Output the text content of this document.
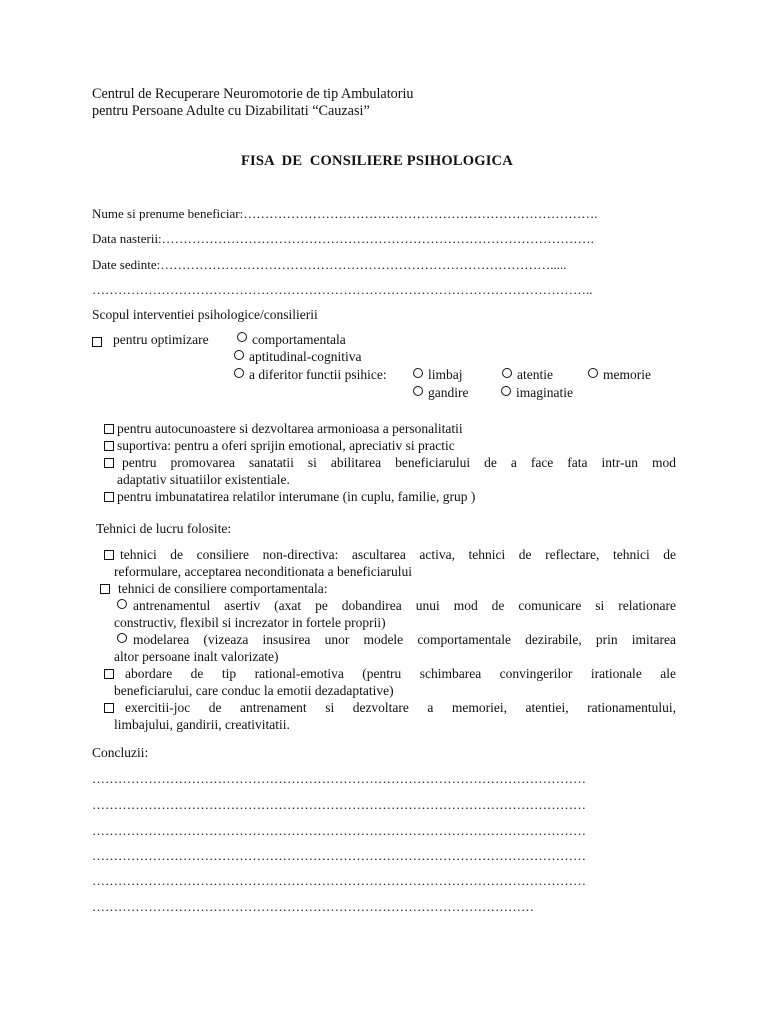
Centrul de Recuperare Neuromotorie de tip Ambulatoriu
pentru Persoane Adulte cu Dizabilitati “Cauzasi”
FISA  DE  CONSILIERE PSIHOLOGICA
Nume si prenume beneficiar:……………………………………………………………………….
Data nasterii:……………………………………………………………………………………….
Date sedinte:……………………………………………………………………………….....
……………………………………………………………………………………………………..
Scopul interventiei psihologice/consilierii
pentru optimizare	comportamentala
aptitudinal-cognitiva
a diferitor functii psihice:	limbaj	atentie	memorie
gandire	imaginatie
pentru autocunoastere si dezvoltarea armonioasa a personalitatii
suportiva: pentru a oferi sprijin emotional, apreciativ si practic
pentru promovarea sanatatii si abilitarea beneficiarului de a face fata intr-un mod
adaptativ situatiilor existentiale.
pentru imbunatatirea relatilor interumane (in cuplu, familie, grup )
Tehnici de lucru folosite:
tehnici de consiliere non-directiva: ascultarea activa, tehnici de reflectare, tehnici de
reformulare, acceptarea neconditionata a beneficiarului
tehnici de consiliere comportamentala:
antrenamentul asertiv (axat pe dobandirea unui mod de comunicare si relationare
constructiv, flexibil si increzator in fortele proprii)
modelarea (vizeaza insusirea unor modele comportamentale dezirabile, prin imitarea
altor persoane inalt valorizate)
abordare de tip rational-emotiva (pentru schimbarea convingerilor irationale ale
beneficiarului, care conduc la emotii dezadaptative)
exercitii-joc de antrenament si dezvoltare a memoriei, atentiei, rationamentului,
limbajului, gandirii, creativitatii.
Concluzii:
……………………………………………………………………………………………………
……………………………………………………………………………………………………
……………………………………………………………………………………………………
……………………………………………………………………………………………………
……………………………………………………………………………………………………
…………………………………………………………………………………………
